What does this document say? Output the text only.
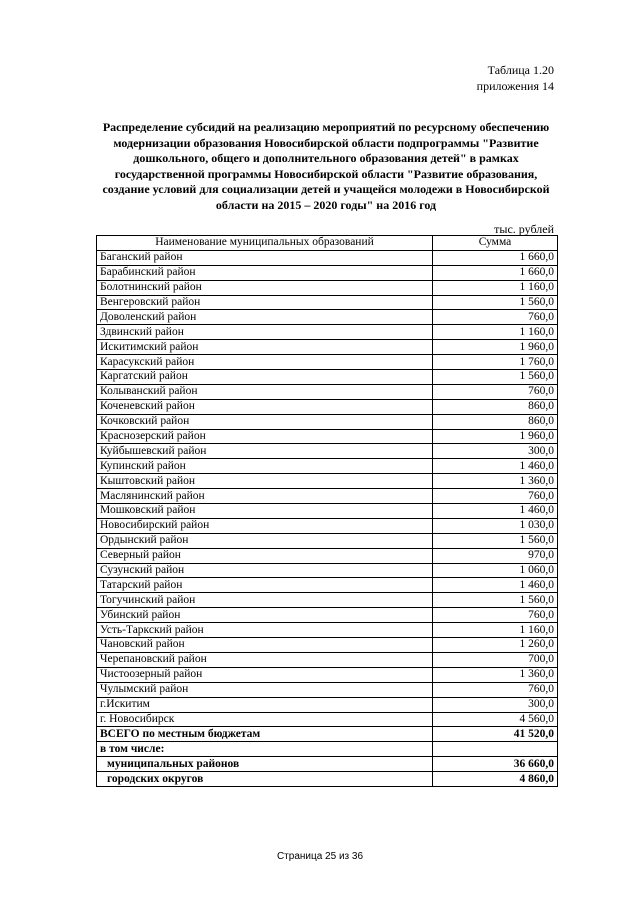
Таблица 1.20
приложения 14
Распределение субсидий на реализацию мероприятий по ресурсному обеспечению модернизации образования Новосибирской области подпрограммы "Развитие дошкольного, общего и дополнительного образования детей" в рамках государственной программы Новосибирской области "Развитие образования, создание условий для социализации детей и учащейся молодежи в Новосибирской области на 2015 – 2020 годы" на 2016 год
тыс. рублей
Наименование муниципальных образований	Сумма
Баганский район	1 660,0
Барабинский район	1 660,0
Болотнинский район	1 160,0
Венгеровский район	1 560,0
Доволенский район	760,0
Здвинский район	1 160,0
Искитимский район	1 960,0
Карасукский район	1 760,0
Каргатский район	1 560,0
Колыванский район	760,0
Коченевский район	860,0
Кочковский район	860,0
Краснозерский район	1 960,0
Куйбышевский район	300,0
Купинский район	1 460,0
Кыштовский район	1 360,0
Маслянинский район	760,0
Мошковский район	1 460,0
Новосибирский район	1 030,0
Ордынский район	1 560,0
Северный район	970,0
Сузунский район	1 060,0
Татарский район	1 460,0
Тогучинский район	1 560,0
Убинский район	760,0
Усть-Таркский район	1 160,0
Чановский район	1 260,0
Черепановский район	700,0
Чистоозерный район	1 360,0
Чулымский район	760,0
г.Искитим	300,0
г. Новосибирск	4 560,0
ВСЕГО по местным бюджетам	41 520,0
в том числе:	
муниципальных районов	36 660,0
городских округов	4 860,0
Страница 25 из 36
